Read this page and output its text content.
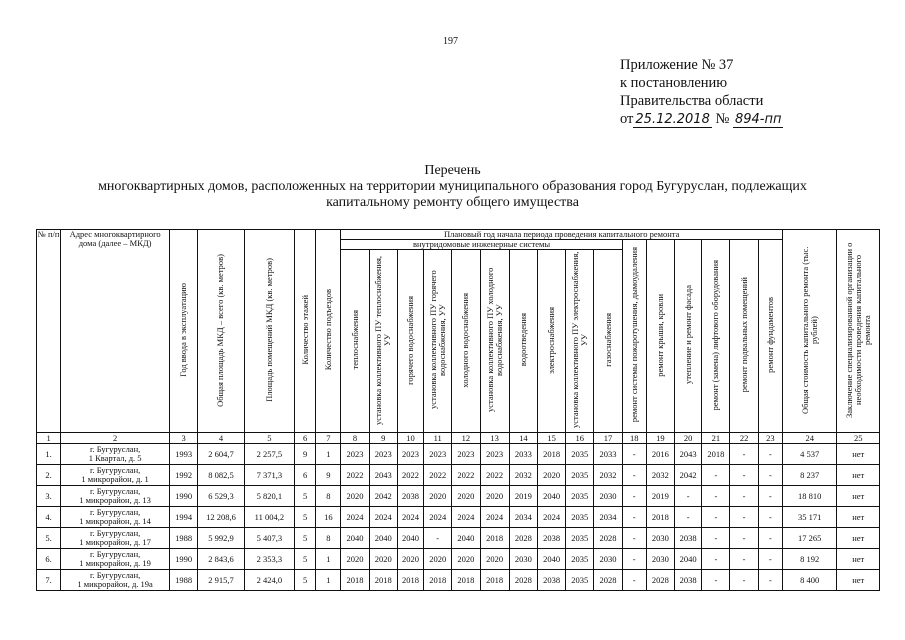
197
Приложение № 37
к постановлению
Правительства области
от 25.12.2018 № 894-пп
Перечень
многоквартирных домов, расположенных на территории муниципального образования город Бугуруслан, подлежащих капитальному ремонту общего имущества
№ п/п	Адрес многоквартирного дома (далее – МКД)	Год ввода в эксплуатацию	Общая площадь МКД – всего (кв. метров)	Площадь помещений МКД (кв. метров)	Количество этажей	Количество подъездов	Плановый год начала периода проведения капитального ремонта																Общая стоимость капитального ремонта (тыс. рублей)	Заключение специализированной организации о необходимости проведения капитального ремонта
							внутридомовые инженерные системы										ремонт системы пожаротушения, дымоудаления	ремонт крыши, кровли	утепление и ремонт фасада	ремонт (замена) лифтового оборудования	ремонт подвальных помещений	ремонт фундаментов		
							теплоснабжения	установка коллективного ПУ теплоснабжения, УУ	горячего водоснабжения	установка коллективного ПУ горячего водоснабжения, УУ	холодного водоснабжения	установка коллективного ПУ холодного водоснабжения, УУ	водоотведения	электроснабжения	установка коллективного ПУ электроснабжения, УУ	газоснабжения								
1	2	3	4	5	6	7	8	9	10	11	12	13	14	15	16	17	18	19	20	21	22	23	24	25
1.	г. Бугуруслан,
1 Квартал, д. 5	1993	2 604,7	2 257,5	9	1	2023	2023	2023	2023	2023	2023	2033	2018	2035	2033	-	2016	2043	2018	-	-	4 537	нет
2.	г. Бугуруслан,
1 микрорайон, д. 1	1992	8 082,5	7 371,3	6	9	2022	2043	2022	2022	2022	2022	2032	2020	2035	2032	-	2032	2042	-	-	-	8 237	нет
3.	г. Бугуруслан,
1 микрорайон, д. 13	1990	6 529,3	5 820,1	5	8	2020	2042	2038	2020	2020	2020	2019	2040	2035	2030	-	2019	-	-	-	-	18 810	нет
4.	г. Бугуруслан,
1 микрорайон, д. 14	1994	12 208,6	11 004,2	5	16	2024	2024	2024	2024	2024	2024	2034	2024	2035	2034	-	2018	-	-	-	-	35 171	нет
5.	г. Бугуруслан,
1 микрорайон, д. 17	1988	5 992,9	5 407,3	5	8	2040	2040	2040	-	2040	2018	2028	2038	2035	2028	-	2030	2038	-	-	-	17 265	нет
6.	г. Бугуруслан,
1 микрорайон, д. 19	1990	2 843,6	2 353,3	5	1	2020	2020	2020	2020	2020	2020	2030	2040	2035	2030	-	2030	2040	-	-	-	8 192	нет
7.	г. Бугуруслан,
1 микрорайон, д. 19а	1988	2 915,7	2 424,0	5	1	2018	2018	2018	2018	2018	2018	2028	2038	2035	2028	-	2028	2038	-	-	-	8 400	нет
